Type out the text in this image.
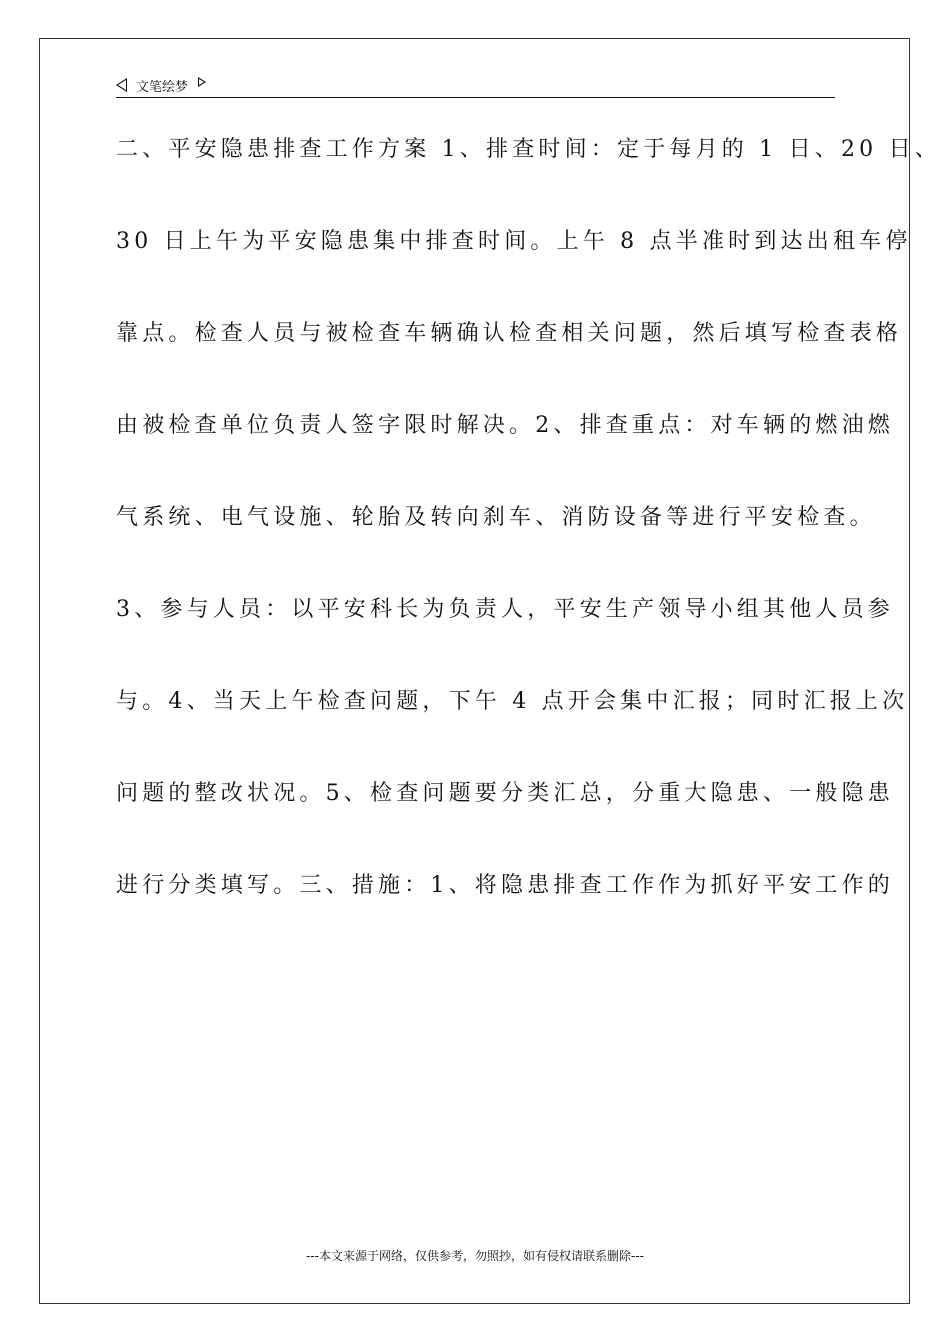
文笔绘梦
二、平安隐患排查工作方案 1、排查时间：定于每月的 1 日、20 日、
30 日上午为平安隐患集中排查时间。上午 8 点半准时到达出租车停
靠点。检查人员与被检查车辆确认检查相关问题，然后填写检查表格
由被检查单位负责人签字限时解决。2、排查重点：对车辆的燃油燃
气系统、电气设施、轮胎及转向刹车、消防设备等进行平安检查。
3、参与人员：以平安科长为负责人，平安生产领导小组其他人员参
与。4、当天上午检查问题，下午 4 点开会集中汇报；同时汇报上次
问题的整改状况。5、检查问题要分类汇总，分重大隐患、一般隐患
进行分类填写。三、措施：1、将隐患排查工作作为抓好平安工作的
---本文来源于网络，仅供参考，勿照抄，如有侵权请联系删除---
